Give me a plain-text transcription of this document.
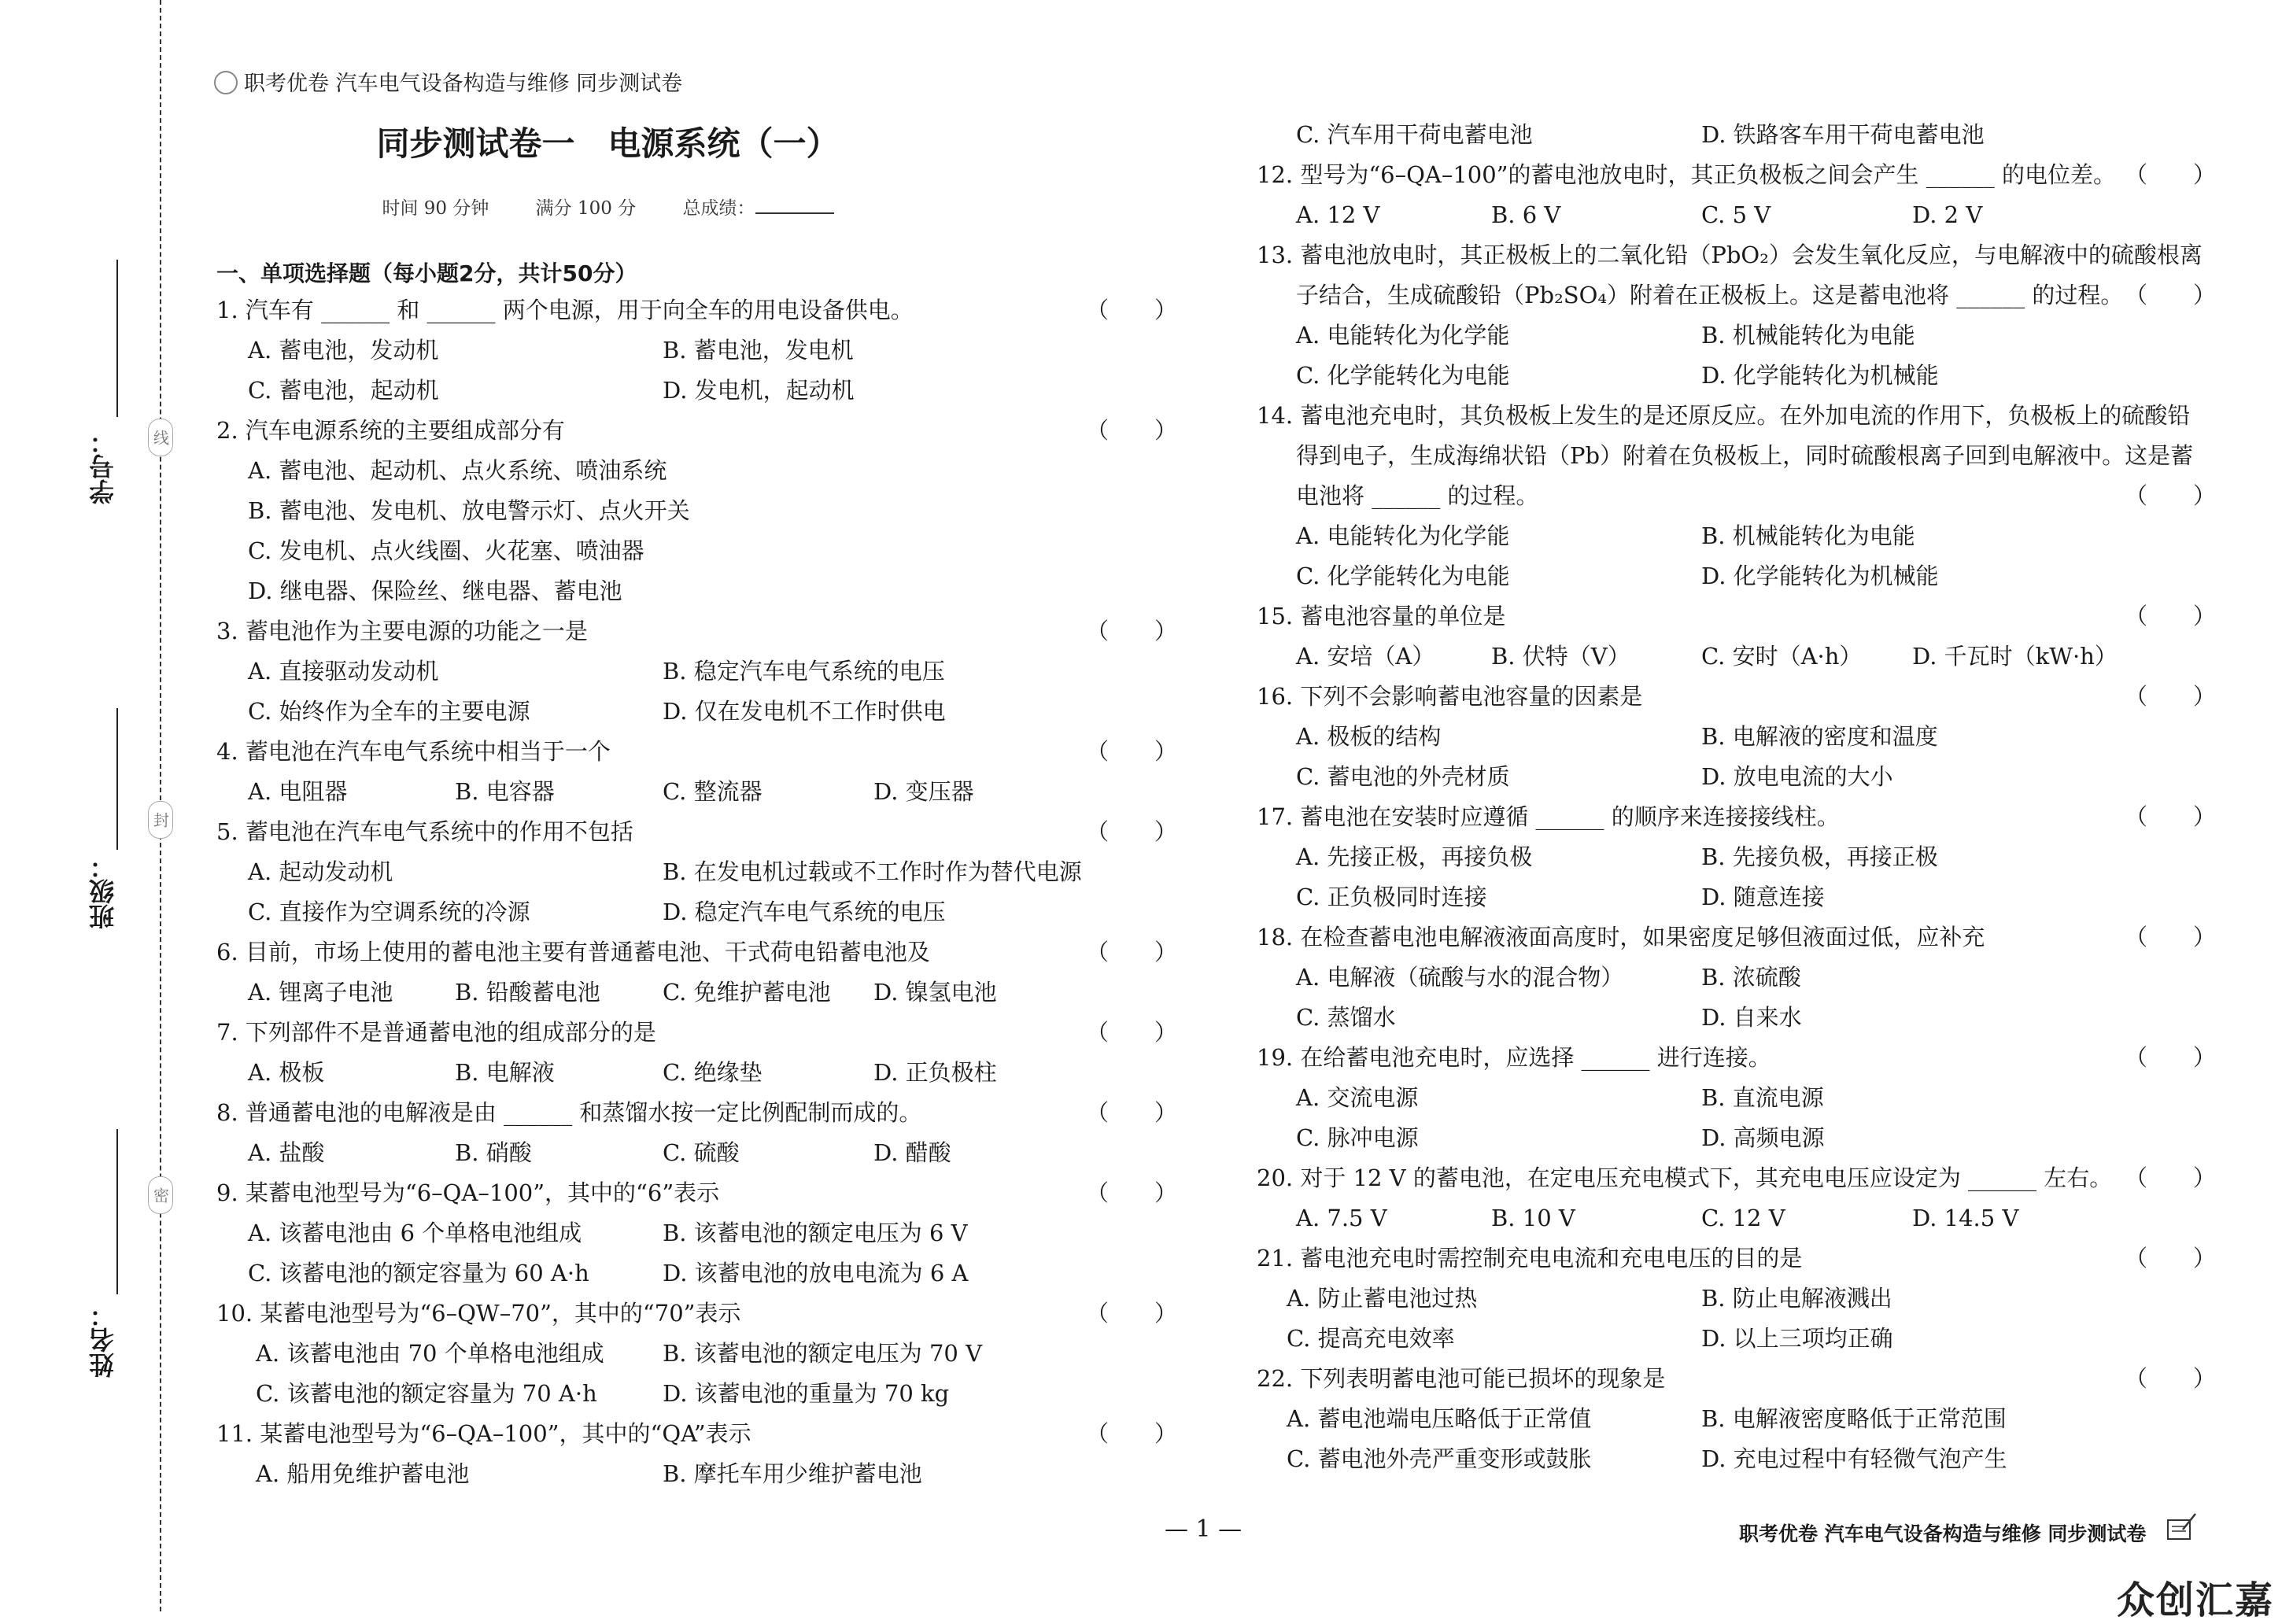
学号：
班级：
姓名：
线
封
密
职考优卷 汽车电气设备构造与维修 同步测试卷
同步测试卷一　电源系统（一）
时间 90 分钟	满分 100 分	总成绩：
一、单项选择题（每小题2分，共计50分）
1. 汽车有 ______ 和 ______ 两个电源，用于向全车的用电设备供电。	（　　）
A. 蓄电池，发动机	B. 蓄电池，发电机
C. 蓄电池，起动机	D. 发电机，起动机
2. 汽车电源系统的主要组成部分有	（　　）
A. 蓄电池、起动机、点火系统、喷油系统
B. 蓄电池、发电机、放电警示灯、点火开关
C. 发电机、点火线圈、火花塞、喷油器
D. 继电器、保险丝、继电器、蓄电池
3. 蓄电池作为主要电源的功能之一是	（　　）
A. 直接驱动发动机	B. 稳定汽车电气系统的电压
C. 始终作为全车的主要电源	D. 仅在发电机不工作时供电
4. 蓄电池在汽车电气系统中相当于一个	（　　）
A. 电阻器	B. 电容器	C. 整流器	D. 变压器
5. 蓄电池在汽车电气系统中的作用不包括	（　　）
A. 起动发动机	B. 在发电机过载或不工作时作为替代电源
C. 直接作为空调系统的冷源	D. 稳定汽车电气系统的电压
6. 目前，市场上使用的蓄电池主要有普通蓄电池、干式荷电铅蓄电池及	（　　）
A. 锂离子电池	B. 铅酸蓄电池	C. 免维护蓄电池 D. 镍氢电池
7. 下列部件不是普通蓄电池的组成部分的是	（　　）
A. 极板	B. 电解液	C. 绝缘垫	D. 正负极柱
8. 普通蓄电池的电解液是由 ______ 和蒸馏水按一定比例配制而成的。	（　　）
A. 盐酸	B. 硝酸	C. 硫酸	D. 醋酸
9. 某蓄电池型号为“6–QA–100”，其中的“6”表示	（　　）
A. 该蓄电池由 6 个单格电池组成	B. 该蓄电池的额定电压为 6 V
C. 该蓄电池的额定容量为 60 A·h	D. 该蓄电池的放电电流为 6 A
10. 某蓄电池型号为“6–QW–70”，其中的“70”表示	（　　）
A. 该蓄电池由 70 个单格电池组成	B. 该蓄电池的额定电压为 70 V
C. 该蓄电池的额定容量为 70 A·h	D. 该蓄电池的重量为 70 kg
11. 某蓄电池型号为“6–QA–100”，其中的“QA”表示	（　　）
A. 船用免维护蓄电池	B. 摩托车用少维护蓄电池
C. 汽车用干荷电蓄电池	D. 铁路客车用干荷电蓄电池
12. 型号为“6–QA–100”的蓄电池放电时，其正负极板之间会产生 ______ 的电位差。 （　　）
A. 12 V	B. 6 V	C. 5 V	D. 2 V
13. 蓄电池放电时，其正极板上的二氧化铅（PbO₂）会发生氧化反应，与电解液中的硫酸根离
子结合，生成硫酸铅（Pb₂SO₄）附着在正极板上。这是蓄电池将 ______ 的过程。 （　　）
A. 电能转化为化学能	B. 机械能转化为电能
C. 化学能转化为电能	D. 化学能转化为机械能
14. 蓄电池充电时，其负极板上发生的是还原反应。在外加电流的作用下，负极板上的硫酸铅
得到电子，生成海绵状铅（Pb）附着在负极板上，同时硫酸根离子回到电解液中。这是蓄
电池将 ______ 的过程。	（　　）
A. 电能转化为化学能	B. 机械能转化为电能
C. 化学能转化为电能	D. 化学能转化为机械能
15. 蓄电池容量的单位是	（　　）
A. 安培（A） B. 伏特（V）	C. 安时（A·h） D. 千瓦时（kW·h）
16. 下列不会影响蓄电池容量的因素是	（　　）
A. 极板的结构	B. 电解液的密度和温度
C. 蓄电池的外壳材质	D. 放电电流的大小
17. 蓄电池在安装时应遵循 ______ 的顺序来连接接线柱。	（　　）
A. 先接正极，再接负极	B. 先接负极，再接正极
C. 正负极同时连接	D. 随意连接
18. 在检查蓄电池电解液液面高度时，如果密度足够但液面过低，应补充	（　　）
A. 电解液（硫酸与水的混合物）	B. 浓硫酸
C. 蒸馏水	D. 自来水
19. 在给蓄电池充电时，应选择 ______ 进行连接。	（　　）
A. 交流电源	B. 直流电源
C. 脉冲电源	D. 高频电源
20. 对于 12 V 的蓄电池，在定电压充电模式下，其充电电压应设定为 ______ 左右。 （　　）
A. 7.5 V	B. 10 V	C. 12 V	D. 14.5 V
21. 蓄电池充电时需控制充电电流和充电电压的目的是	（　　）
A. 防止蓄电池过热	B. 防止电解液溅出
C. 提高充电效率	D. 以上三项均正确
22. 下列表明蓄电池可能已损坏的现象是	（　　）
A. 蓄电池端电压略低于正常值	B. 电解液密度略低于正常范围
C. 蓄电池外壳严重变形或鼓胀	D. 充电过程中有轻微气泡产生
— 1 —	职考优卷 汽车电气设备构造与维修 同步测试卷
众创汇嘉
